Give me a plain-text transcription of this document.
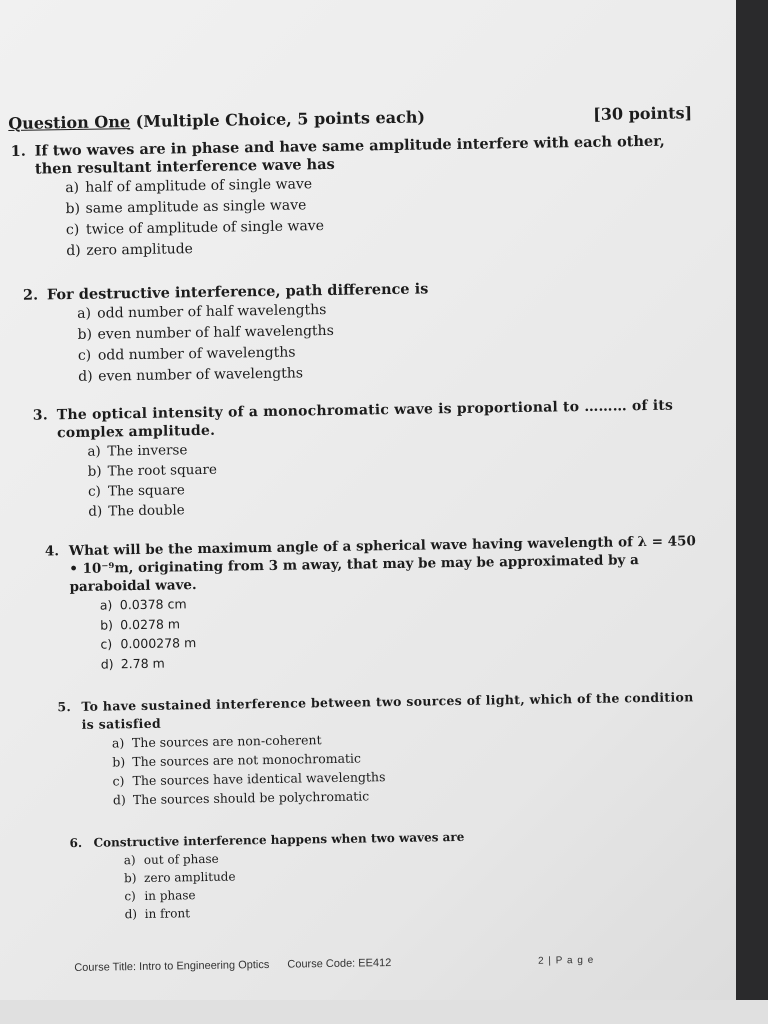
Question One (Multiple Choice, 5 points each)	[30 points]
1. If two waves are in phase and have same amplitude interfere with each other, then resultant interference wave has
a) half of amplitude of single wave
b) same amplitude as single wave
c) twice of amplitude of single wave
d) zero amplitude
2. For destructive interference, path difference is
a) odd number of half wavelengths
b) even number of half wavelengths
c) odd number of wavelengths
d) even number of wavelengths
3. The optical intensity of a monochromatic wave is proportional to ……… of its complex amplitude.
a) The inverse
b) The root square
c) The square
d) The double
4. What will be the maximum angle of a spherical wave having wavelength of λ = 450 • 10⁻⁹m, originating from 3 m away, that may be may be approximated by a paraboidal wave.
a) 0.0378 cm
b) 0.0278 m
c) 0.000278 m
d) 2.78 m
5. To have sustained interference between two sources of light, which of the condition is satisfied
a) The sources are non-coherent
b) The sources are not monochromatic
c) The sources have identical wavelengths
d) The sources should be polychromatic
6. Constructive interference happens when two waves are
a) out of phase
b) zero amplitude
c) in phase
d) in front
Course Title: Intro to Engineering Optics Course Code: EE412	2 | P a g e
